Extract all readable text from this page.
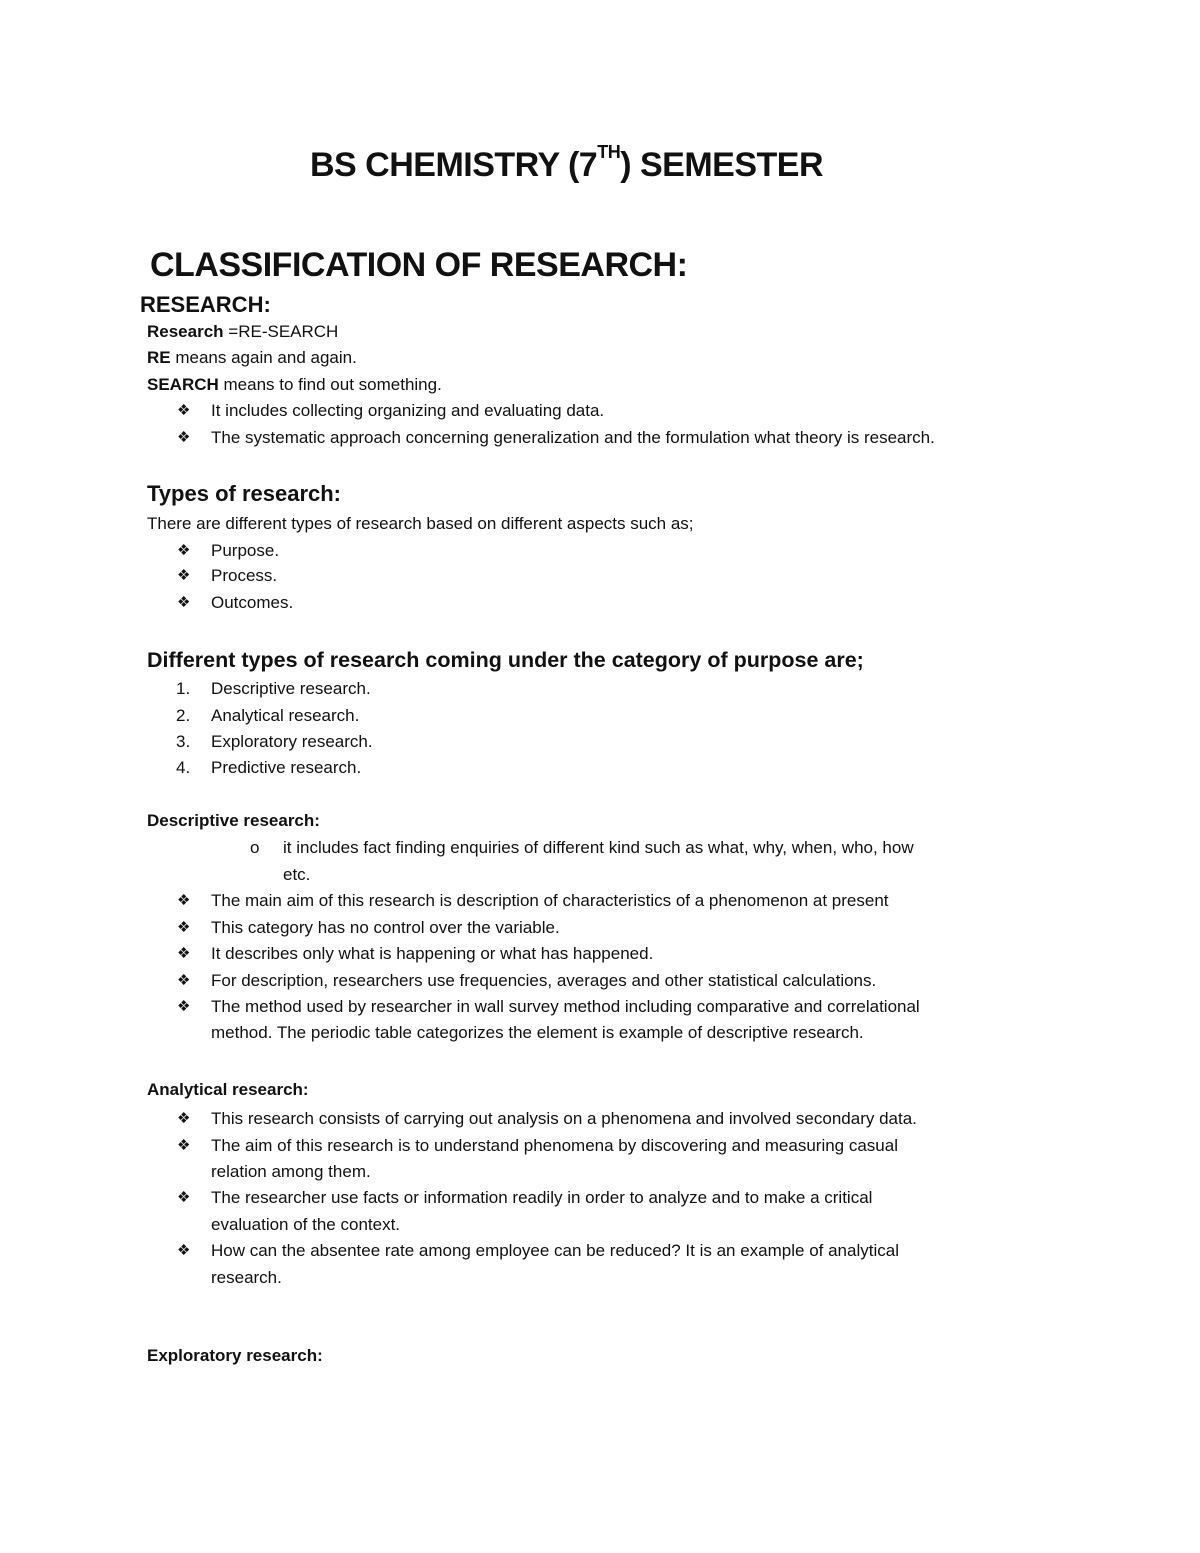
BS CHEMISTRY (7TH) SEMESTER
CLASSIFICATION OF RESEARCH:
RESEARCH:
Research =RE-SEARCH
RE means again and again.
SEARCH means to find out something.
❖ It includes collecting organizing and evaluating data.
❖ The systematic approach concerning generalization and the formulation what theory is research.
Types of research:
There are different types of research based on different aspects such as;
❖ Purpose.
❖ Process.
❖ Outcomes.
Different types of research coming under the category of purpose are;
1. Descriptive research.
2. Analytical research.
3. Exploratory research.
4. Predictive research.
Descriptive research:
o it includes fact finding enquiries of different kind such as what, why, when, who, how
etc.
❖ The main aim of this research is description of characteristics of a phenomenon at present
❖ This category has no control over the variable.
❖ It describes only what is happening or what has happened.
❖ For description, researchers use frequencies, averages and other statistical calculations.
❖ The method used by researcher in wall survey method including comparative and correlational
method. The periodic table categorizes the element is example of descriptive research.
Analytical research:
❖ This research consists of carrying out analysis on a phenomena and involved secondary data.
❖ The aim of this research is to understand phenomena by discovering and measuring casual
relation among them.
❖ The researcher use facts or information readily in order to analyze and to make a critical
evaluation of the context.
❖ How can the absentee rate among employee can be reduced? It is an example of analytical
research.
Exploratory research:
